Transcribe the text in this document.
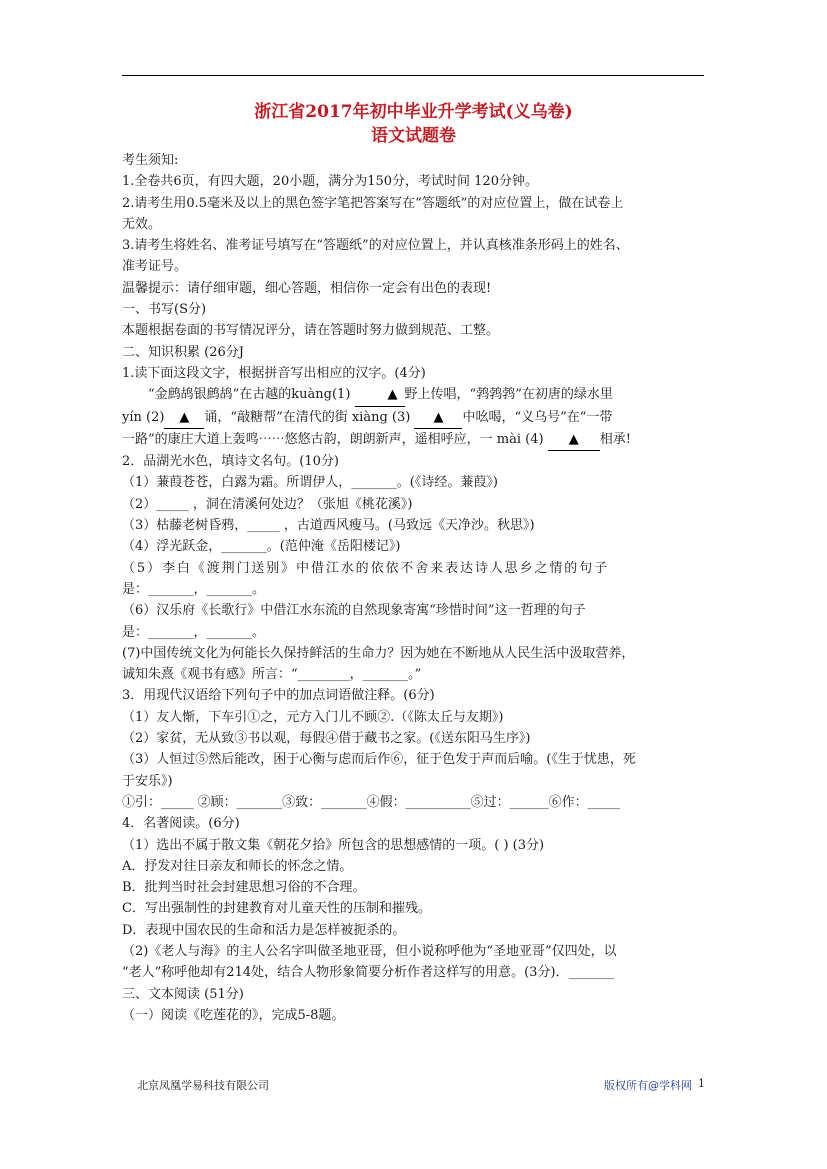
浙江省2017年初中毕业升学考试(义乌卷)
语文试题卷
考生须知:
1.全卷共6页，有四大题，20小题，满分为150分，考试时间 120分钟。
2.请考生用0.5毫米及以上的黑色签字笔把答案写在“答题纸”的对应位置上，做在试卷上
无效。
3.请考生将姓名、准考证号填写在“答题纸”的对应位置上，并认真核准条形码上的姓名、
准考证号。
温馨提示：请仔细审题，细心答题，相信你一定会有出色的表现!
一、书写(S分)
本题根据卷面的书写情况评分，请在答题时努力做到规范、工整。
二、知识积累 (26分J
1.读下面这段文字，根据拼音写出相应的汉字。(4分)
“金鹧鸪银鹧鸪”在古越的kuàng(1)	▲ 野上传唱，“鹁鹁鹁”在初唐的绿水里
yín (2) ▲ 诵，“敲糖帮”在清代的街 xiàng (3) ▲ 中吆喝，“义乌号”在“一带
一路”的康庄大道上轰鸣⋯⋯悠悠古韵，朗朗新声，遥相呼应，一 mài (4) ▲ 相承!
2．品湖光水色，填诗文名句。(10分)
（1）蒹葭苍苍，白露为霜。所谓伊人，_______。(《诗经。蒹葭》)
（2）_____ ，洞在清溪何处边？（张旭《桃花溪》)
（3）枯藤老树昏鸦，_____ ，古道西风瘦马。(马致远《天净沙。秋思》)
（4）浮光跃金，_______。(范仲淹《岳阳楼记》)
（5）李白《渡荆门送别》中借江水的依依不舍来表达诗人思乡之情的句子
是：_______，_______。
（6）汉乐府《长歌行》中借江水东流的自然现象寄寓“珍惜时间”这一哲理的句子
是：_______，_______。
(7)中国传统文化为何能长久保持鲜活的生命力？因为她在不断地从人民生活中汲取营养，
诚知朱熹《观书有感》所言：“________，_______。”
3．用现代汉语给下列句子中的加点词语做注释。(6分)
（1）友人惭，下车引①之，元方入门儿不顾②.（《陈太丘与友期》)
（2）家贫，无从致③书以观，每假④借于藏书之家。(《送东阳马生序》)
（3）人恒过⑤然后能改，困于心衡与虑而后作⑥，征于色发于声而后喻。(《生于忧患，死
于安乐》)
①引：_____ ②顾：_______③致：_______④假：__________⑤过：______⑥作：_____
4．名著阅读。(6分)
（1）选出不属于散文集《朝花夕拾》所包含的思想感情的一项。( ) (3分)
A．抒发对往日亲友和师长的怀念之情。
B．批判当时社会封建思想习俗的不合理。
C．写出强制性的封建教育对儿童天性的压制和摧残。
D．表现中国农民的生命和活力是怎样被扼杀的。
（2)《老人与海》的主人公名字叫做圣地亚哥，但小说称呼他为“圣地亚哥”仅四处，以
“老人”称呼他却有214处，结合人物形象简要分析作者这样写的用意。(3分)．_______
三、文本阅读 (51分)
（一）阅读《吃莲花的》，完成5-8题。
北京凤凰学易科技有限公司	版权所有@学科网 1
